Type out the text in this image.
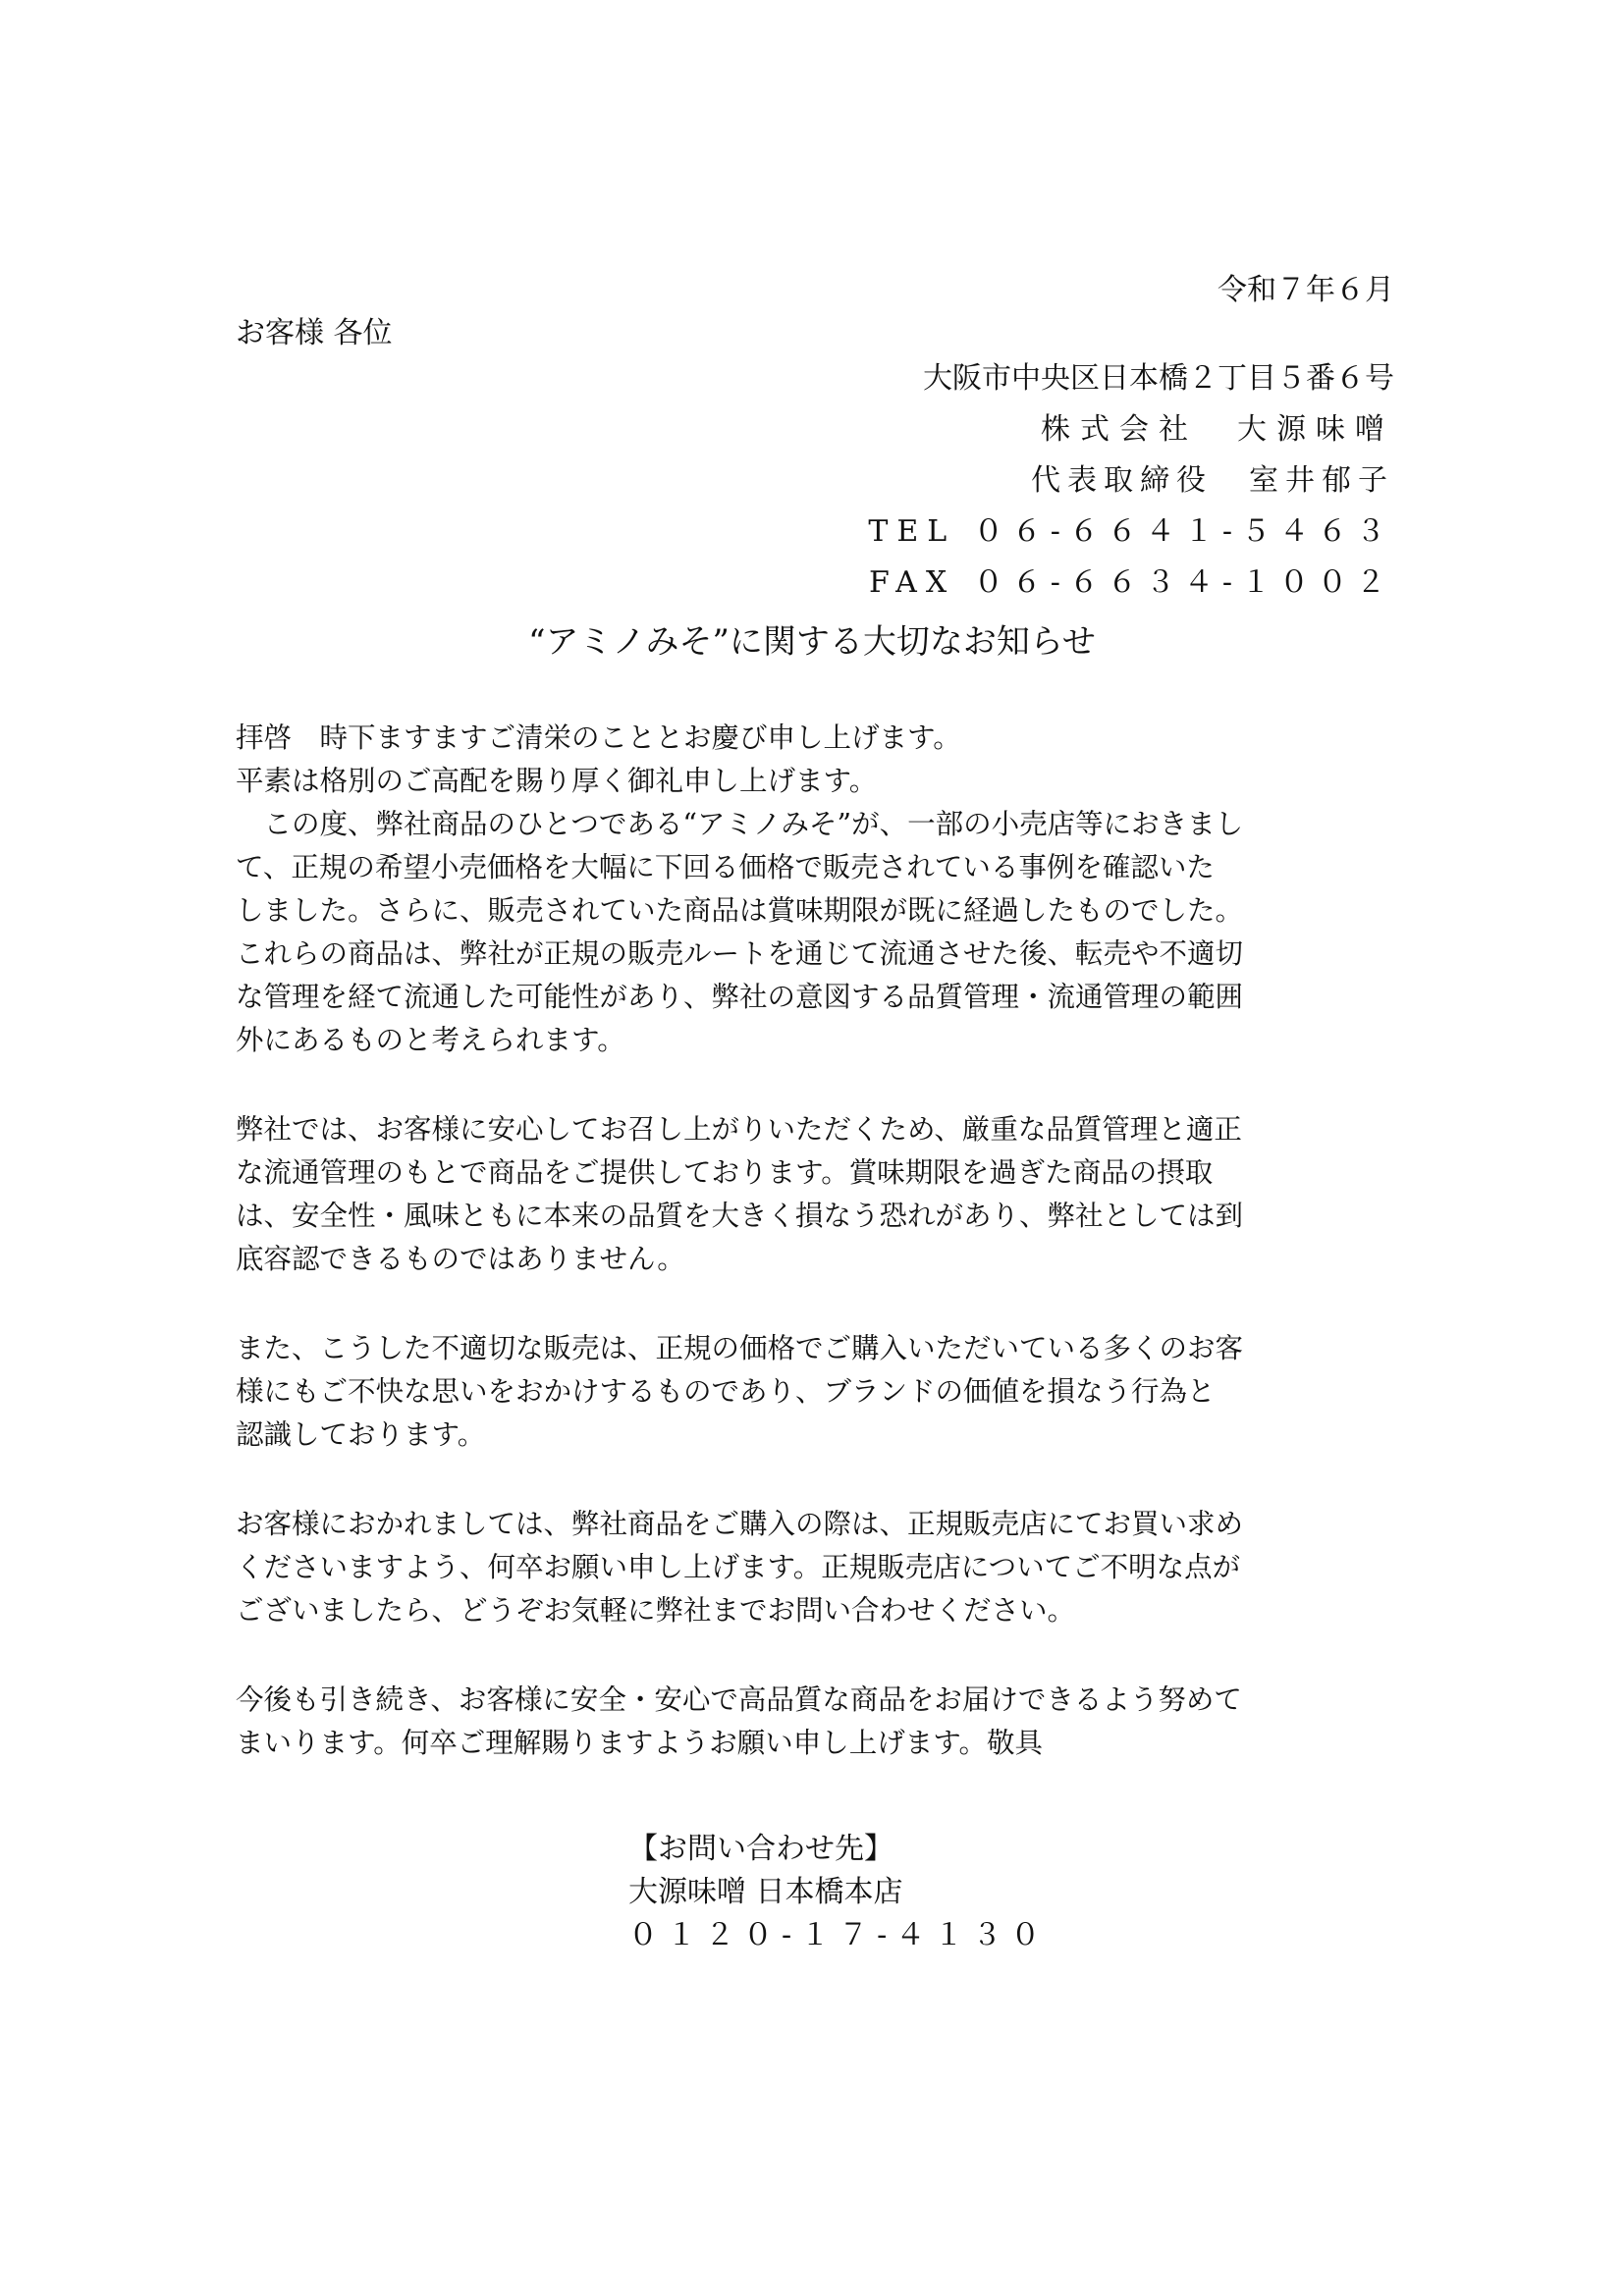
令和７年６月
お客様 各位
大阪市中央区日本橋２丁目５番６号
株式会社　大源味噌
代表取締役　室井郁子
TEL ０６-６６４１-５４６３
FAX ０６-６６３４-１００２
“アミノみそ”に関する大切なお知らせ
拝啓　時下ますますご清栄のこととお慶び申し上げます。
平素は格別のご高配を賜り厚く御礼申し上げます。
　この度、弊社商品のひとつである“アミノみそ”が、一部の小売店等におきまし
て、正規の希望小売価格を大幅に下回る価格で販売されている事例を確認いた
しました。さらに、販売されていた商品は賞味期限が既に経過したものでした。
これらの商品は、弊社が正規の販売ルートを通じて流通させた後、転売や不適切
な管理を経て流通した可能性があり、弊社の意図する品質管理・流通管理の範囲
外にあるものと考えられます。
弊社では、お客様に安心してお召し上がりいただくため、厳重な品質管理と適正
な流通管理のもとで商品をご提供しております。賞味期限を過ぎた商品の摂取
は、安全性・風味ともに本来の品質を大きく損なう恐れがあり、弊社としては到
底容認できるものではありません。
また、こうした不適切な販売は、正規の価格でご購入いただいている多くのお客
様にもご不快な思いをおかけするものであり、ブランドの価値を損なう行為と
認識しております。
お客様におかれましては、弊社商品をご購入の際は、正規販売店にてお買い求め
くださいますよう、何卒お願い申し上げます。正規販売店についてご不明な点が
ございましたら、どうぞお気軽に弊社までお問い合わせください。
今後も引き続き、お客様に安全・安心で高品質な商品をお届けできるよう努めて
まいります。何卒ご理解賜りますようお願い申し上げます。敬具
【お問い合わせ先】
大源味噌 日本橋本店
０１２０-１７-４１３０
